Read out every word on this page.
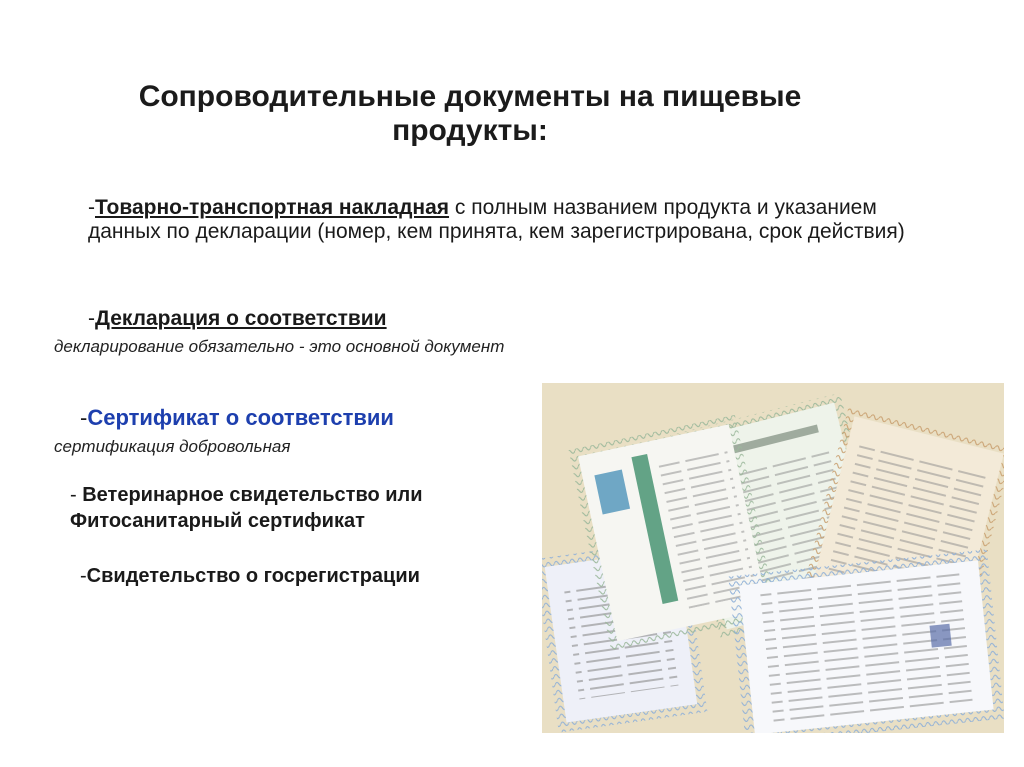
Сопроводительные документы на пищевые продукты:
-Товарно-транспортная накладная с полным названием продукта и указанием данных по декларации (номер, кем принята, кем зарегистрирована, срок действия)
-Декларация о соответствии
декларирование обязательно - это основной документ
-Сертификат о соответствии
сертификация добровольная
- Ветеринарное свидетельство или Фитосанитарный сертификат
-Свидетельство о госрегистрации
